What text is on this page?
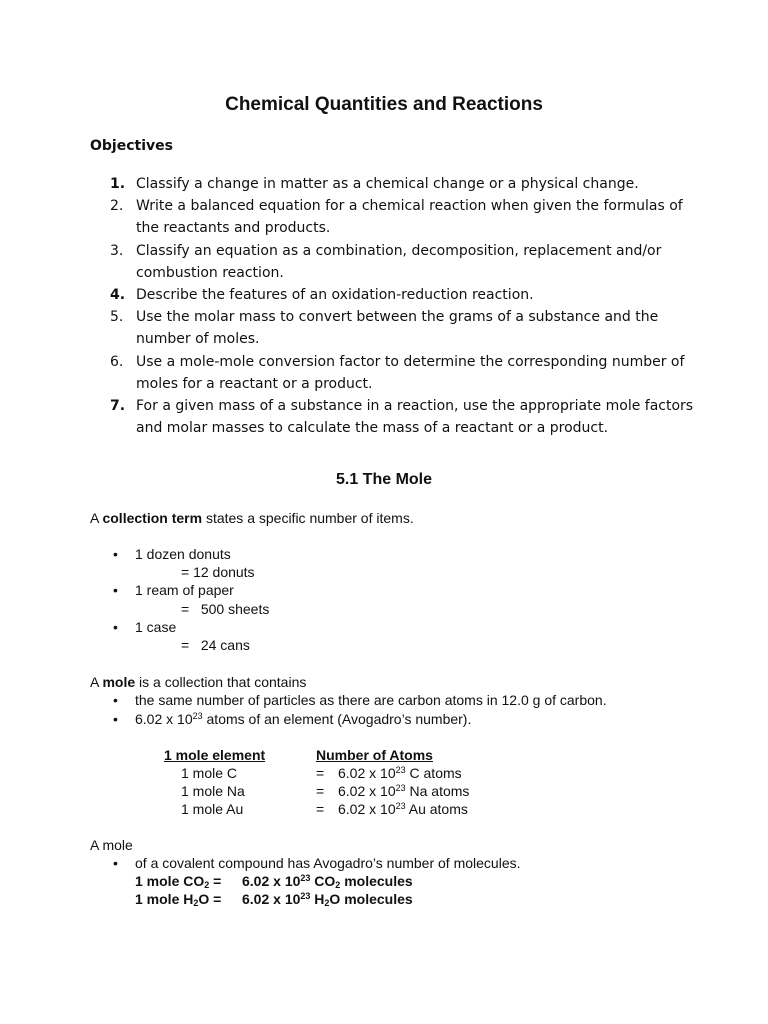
Chemical Quantities and Reactions
Objectives
1. Classify a change in matter as a chemical change or a physical change.
2. Write a balanced equation for a chemical reaction when given the formulas of the reactants and products.
3. Classify an equation as a combination, decomposition, replacement and/or combustion reaction.
4. Describe the features of an oxidation-reduction reaction.
5. Use the molar mass to convert between the grams of a substance and the number of moles.
6. Use a mole-mole conversion factor to determine the corresponding number of moles for a reactant or a product.
7. For a given mass of a substance in a reaction, use the appropriate mole factors and molar masses to calculate the mass of a reactant or a product.
5.1 The Mole
A collection term states a specific number of items.
• 1 dozen donuts
= 12 donuts
• 1 ream of paper
=   500 sheets
• 1 case
=   24 cans
A mole is a collection that contains
• the same number of particles as there are carbon atoms in 12.0 g of carbon.
• 6.02 x $10^{23}$ atoms of an element (Avogadro’s number).
1 mole element	Number of Atoms
1 mole C	= 6.02 x $10^{23}$ C atoms
1 mole Na	= 6.02 x $10^{23}$ Na atoms
1 mole Au	= 6.02 x $10^{23}$ Au atoms
A mole
• of a covalent compound has Avogadro’s number of molecules.
1 mole $CO_2 = 6.02$ x $10^{23}$ $CO_2$ molecules
1 mole $H_2O = 6.02$ x $10^{23}$ $H_2O$ molecules
